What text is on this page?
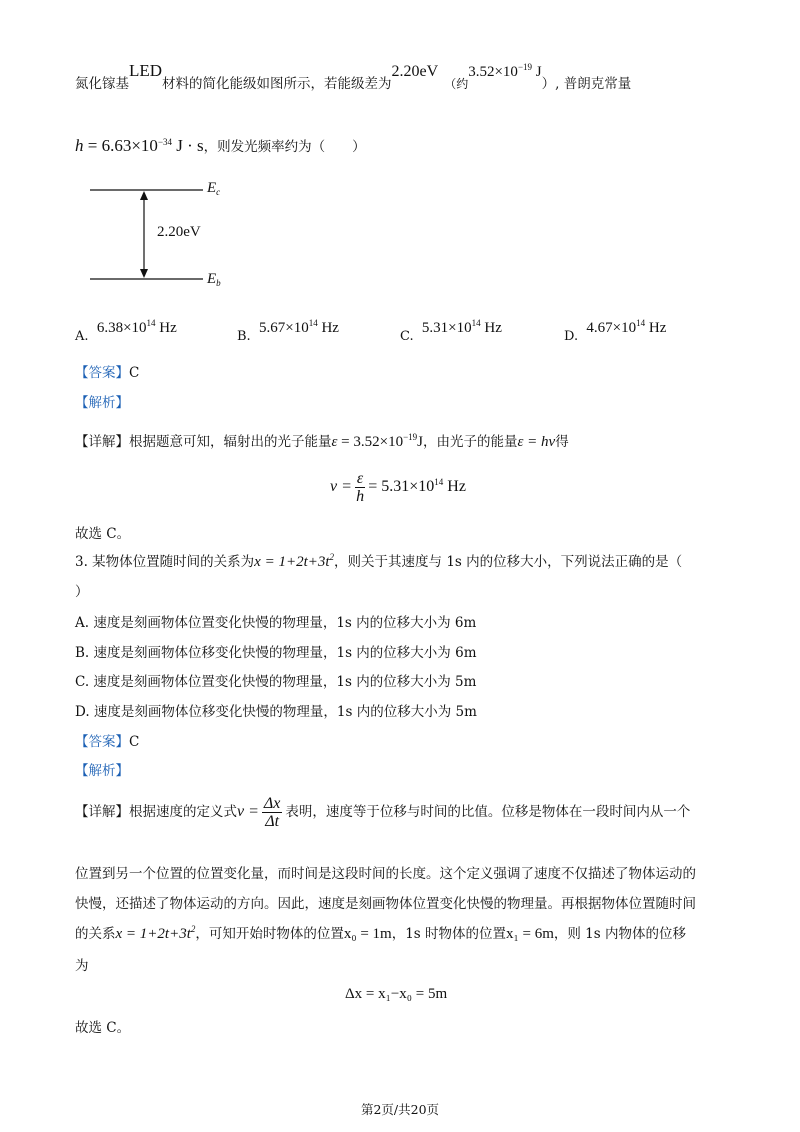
氮化镓基LED材料的简化能级如图所示，若能级差为2.20eV（约$3.52\times 10^{-19}$ J）, 普朗克常量
$h = 6.63\times 10^{-34}$ J · s，则发光频率约为（　　）
$E_c$
$E_b$
2.20eV
A. $6.38\times 10^{14}$ Hz
B. $5.67\times 10^{14}$ Hz
C. $5.31\times 10^{14}$ Hz
D. $4.67\times 10^{14}$ Hz
【答案】C
【解析】
【详解】根据题意可知，辐射出的光子能量$\varepsilon = 3.52\times 10^{-19}J$，由光子的能量ε = hν得
$\nu = \frac{\varepsilon}{h} = 5.31\times 10^{14}$ Hz
故选 C。
3. 某物体位置随时间的关系为$x = 1+2t+3t^2$，则关于其速度与 1s 内的位移大小，下列说法正确的是（
）
A. 速度是刻画物体位置变化快慢的物理量，1s 内的位移大小为 6m
B. 速度是刻画物体位移变化快慢的物理量，1s 内的位移大小为 6m
C. 速度是刻画物体位置变化快慢的物理量，1s 内的位移大小为 5m
D. 速度是刻画物体位移变化快慢的物理量，1s 内的位移大小为 5m
【答案】C
【解析】
【详解】根据速度的定义式$v = \frac{\Delta x}{\Delta t}$ 表明，速度等于位移与时间的比值。位移是物体在一段时间内从一个
位置到另一个位置的位置变化量，而时间是这段时间的长度。这个定义强调了速度不仅描述了物体运动的
快慢，还描述了物体运动的方向。因此，速度是刻画物体位置变化快慢的物理量。再根据物体位置随时间
的关系$x = 1+2t+3t^2$，可知开始时物体的位置x₀ = 1m，1s 时物体的位置x₁ = 6m，则 1s 内物体的位移
为
Δx = x₁−x₀ = 5m
故选 C。
第2页/共20页
